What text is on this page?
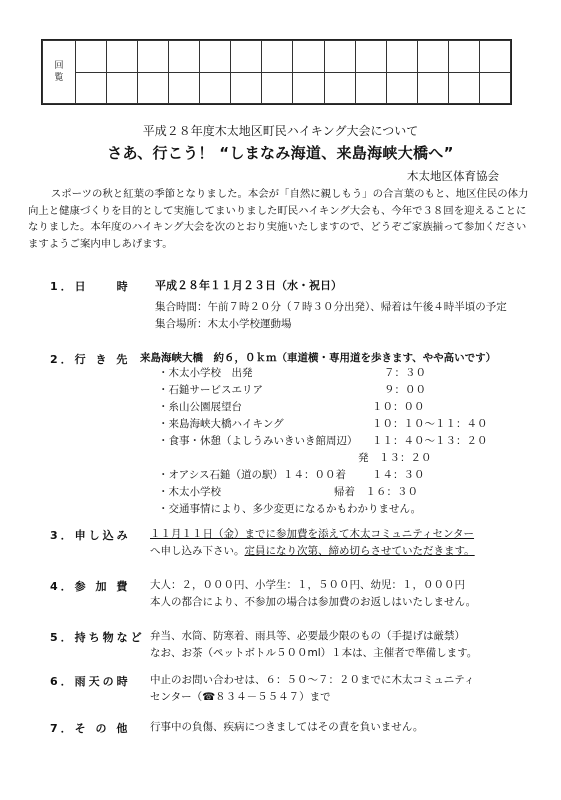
回
覧														

平成２８年度木太地区町民ハイキング大会について
さあ、行こう！ “しまなみ海道、来島海峡大橋へ”
木太地区体育協会
スポーツの秋と紅葉の季節となりました。本会が「自然に親しもう」の合言葉のもと、地区住民の体力向上と健康づくりを目的として実施してまいりました町民ハイキング大会も、今年で３８回を迎えることになりました。本年度のハイキング大会を次のとおり実施いたしますので、どうぞご家族揃って参加くださいますようご案内申しあげます。
1．日　　時 平成２８年１１月２３日（水・祝日）
集合時間：午前７時２０分（７時３０分出発）、帰着は午後４時半頃の予定
集合場所：木太小学校運動場
2．行 き 先 来島海峡大橋　約６，０ｋｍ（車道横・専用道を歩きます、やや高いです）
・木太小学校　出発	７：３０
・石鎚サービスエリア	９：００
・糸山公園展望台	１０：００
・来島海峡大橋ハイキング	１０：１０～１１：４０
・食事・休憩（よしうみいきいき館周辺） １１：４０～１３：２０
発　１３：２０
・オアシス石鎚（道の駅）１４：００着 １４：３０
・木太小学校	帰着　１６：３０
・交通事情により、多少変更になるかもわかりません。
3．申し込み １１月１１日（金）までに参加費を添えて木太コミュニティセンター
へ申し込み下さい。定員になり次第、締め切らさせていただきます。
4．参 加 費 大人：２，０００円、小学生：１，５００円、幼児：１，０００円
本人の都合により、不参加の場合は参加費のお返しはいたしません。
5．持ち物など 弁当、水筒、防寒着、雨具等、必要最少限のもの（手提げは厳禁）
なお、お茶（ペットボトル５００ml）１本は、主催者で準備します。
6．雨天の時 中止のお問い合わせは、６：５０～７：２０までに木太コミュニティ
センター（☎８３４－５５４７）まで
7．そ の 他 行事中の負傷、疾病につきましてはその責を負いません。
